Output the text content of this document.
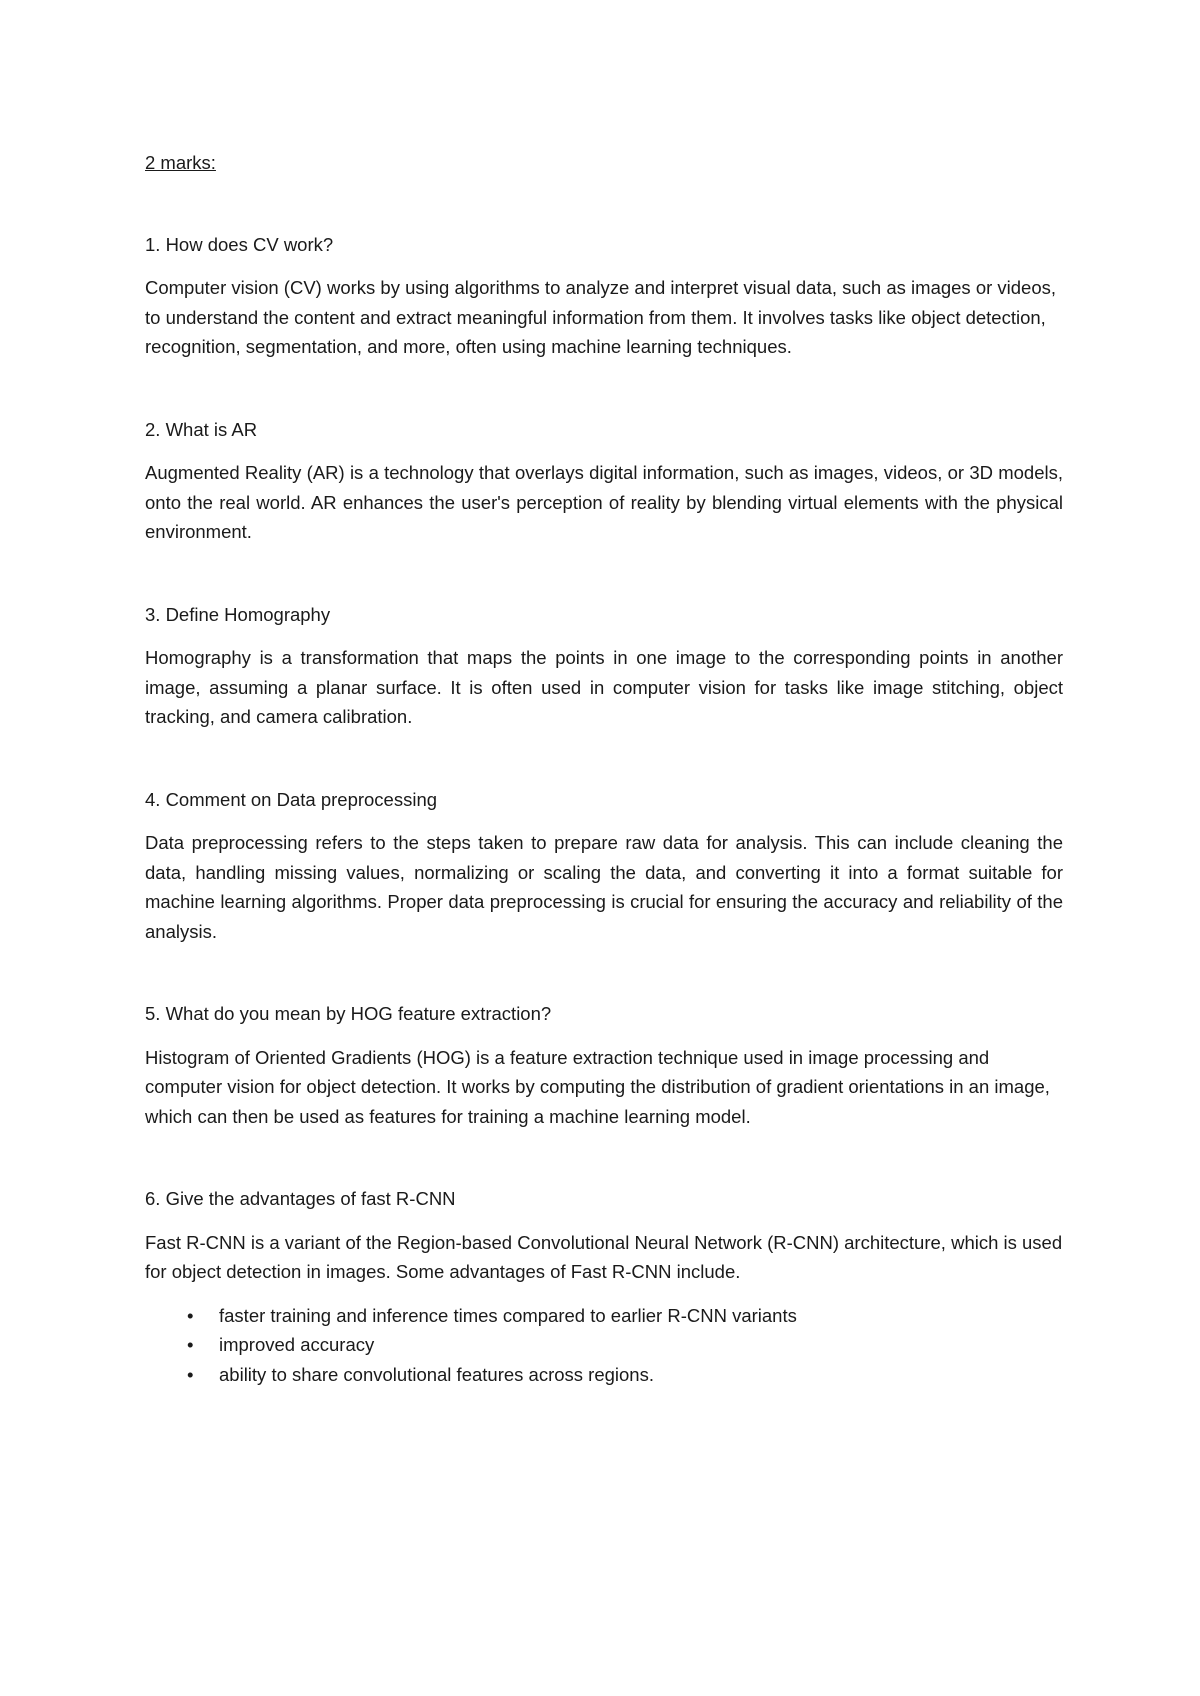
2 marks:

1. How does CV work?

Computer vision (CV) works by using algorithms to analyze and interpret visual data, such as images or videos, to understand the content and extract meaningful information from them. It involves tasks like object detection, recognition, segmentation, and more, often using machine learning techniques.

2. What is AR

Augmented Reality (AR) is a technology that overlays digital information, such as images, videos, or 3D models, onto the real world. AR enhances the user's perception of reality by blending virtual elements with the physical environment.

3. Define Homography

Homography is a transformation that maps the points in one image to the corresponding points in another image, assuming a planar surface. It is often used in computer vision for tasks like image stitching, object tracking, and camera calibration.

4. Comment on Data preprocessing

Data preprocessing refers to the steps taken to prepare raw data for analysis. This can include cleaning the data, handling missing values, normalizing or scaling the data, and converting it into a format suitable for machine learning algorithms. Proper data preprocessing is crucial for ensuring the accuracy and reliability of the analysis.

5. What do you mean by HOG feature extraction?

Histogram of Oriented Gradients (HOG) is a feature extraction technique used in image processing and computer vision for object detection. It works by computing the distribution of gradient orientations in an image, which can then be used as features for training a machine learning model.

6. Give the advantages of fast R-CNN

Fast R-CNN is a variant of the Region-based Convolutional Neural Network (R-CNN) architecture, which is used for object detection in images. Some advantages of Fast R-CNN include.

• faster training and inference times compared to earlier R-CNN variants
• improved accuracy
• ability to share convolutional features across regions.
